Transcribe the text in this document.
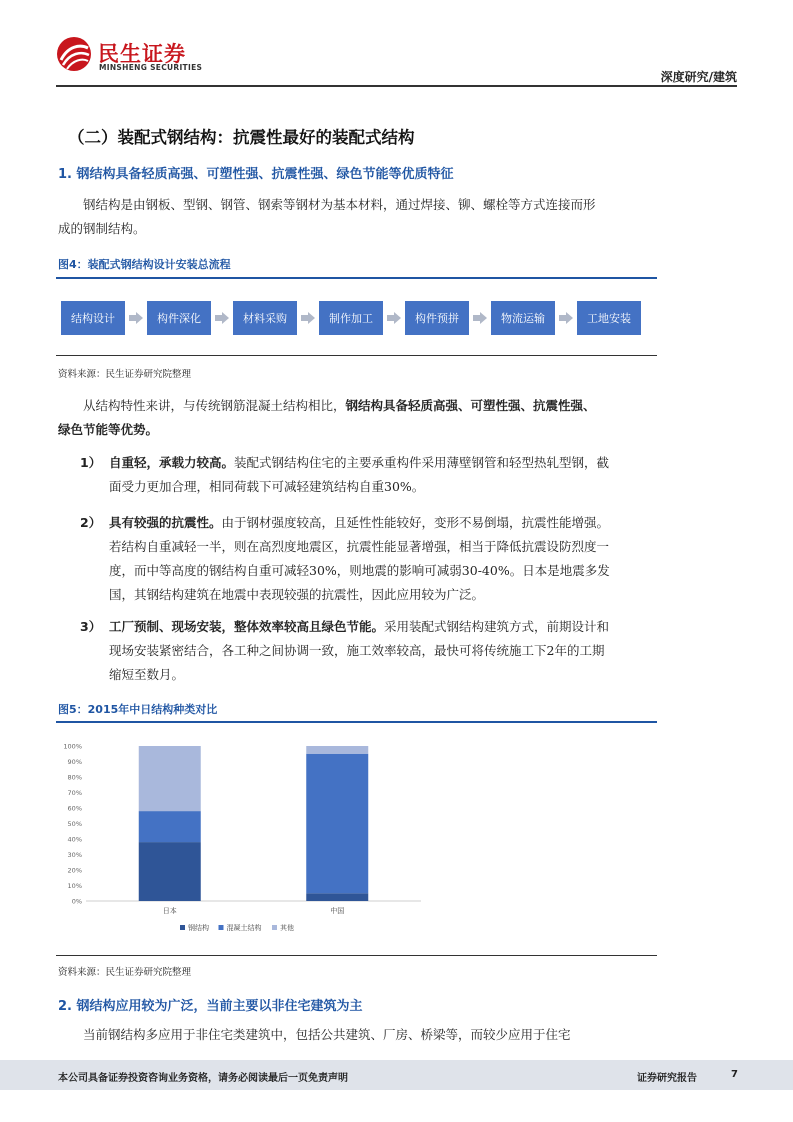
民生证券
MINSHENG SECURITIES
深度研究/建筑
（二）装配式钢结构：抗震性最好的装配式结构
1. 钢结构具备轻质高强、可塑性强、抗震性强、绿色节能等优质特征
钢结构是由钢板、型钢、钢管、钢索等钢材为基本材料，通过焊接、铆、螺栓等方式连接而形成的钢制结构。
图4：装配式钢结构设计安装总流程
结构设计	构件深化	材料采购	制作加工	构件预拼	物流运输	工地安装
资料来源：民生证券研究院整理
从结构特性来讲，与传统钢筋混凝土结构相比，钢结构具备轻质高强、可塑性强、抗震性强、绿色节能等优势。
1） 自重轻，承载力较高。装配式钢结构住宅的主要承重构件采用薄壁钢管和轻型热轧型钢，截面受力更加合理，相同荷载下可减轻建筑结构自重30%。
2） 具有较强的抗震性。由于钢材强度较高，且延性性能较好，变形不易倒塌，抗震性能增强。若结构自重减轻一半，则在高烈度地震区，抗震性能显著增强，相当于降低抗震设防烈度一度，而中等高度的钢结构自重可减轻30%，则地震的影响可减弱30-40%。日本是地震多发国，其钢结构建筑在地震中表现较强的抗震性，因此应用较为广泛。
3） 工厂预制、现场安装，整体效率较高且绿色节能。采用装配式钢结构建筑方式，前期设计和现场安装紧密结合，各工种之间协调一致，施工效率较高，最快可将传统施工下2年的工期缩短至数月。
图5：2015年中日结构种类对比
0%
10%
20%
30%
40%
50%
60%
70%
80%
90%
100%
日本	中国
钢结构	混凝土结构	其他
资料来源：民生证券研究院整理
2. 钢结构应用较为广泛，当前主要以非住宅建筑为主
当前钢结构多应用于非住宅类建筑中，包括公共建筑、厂房、桥梁等，而较少应用于住宅
本公司具备证券投资咨询业务资格，请务必阅读最后一页免责声明	证券研究报告	7
